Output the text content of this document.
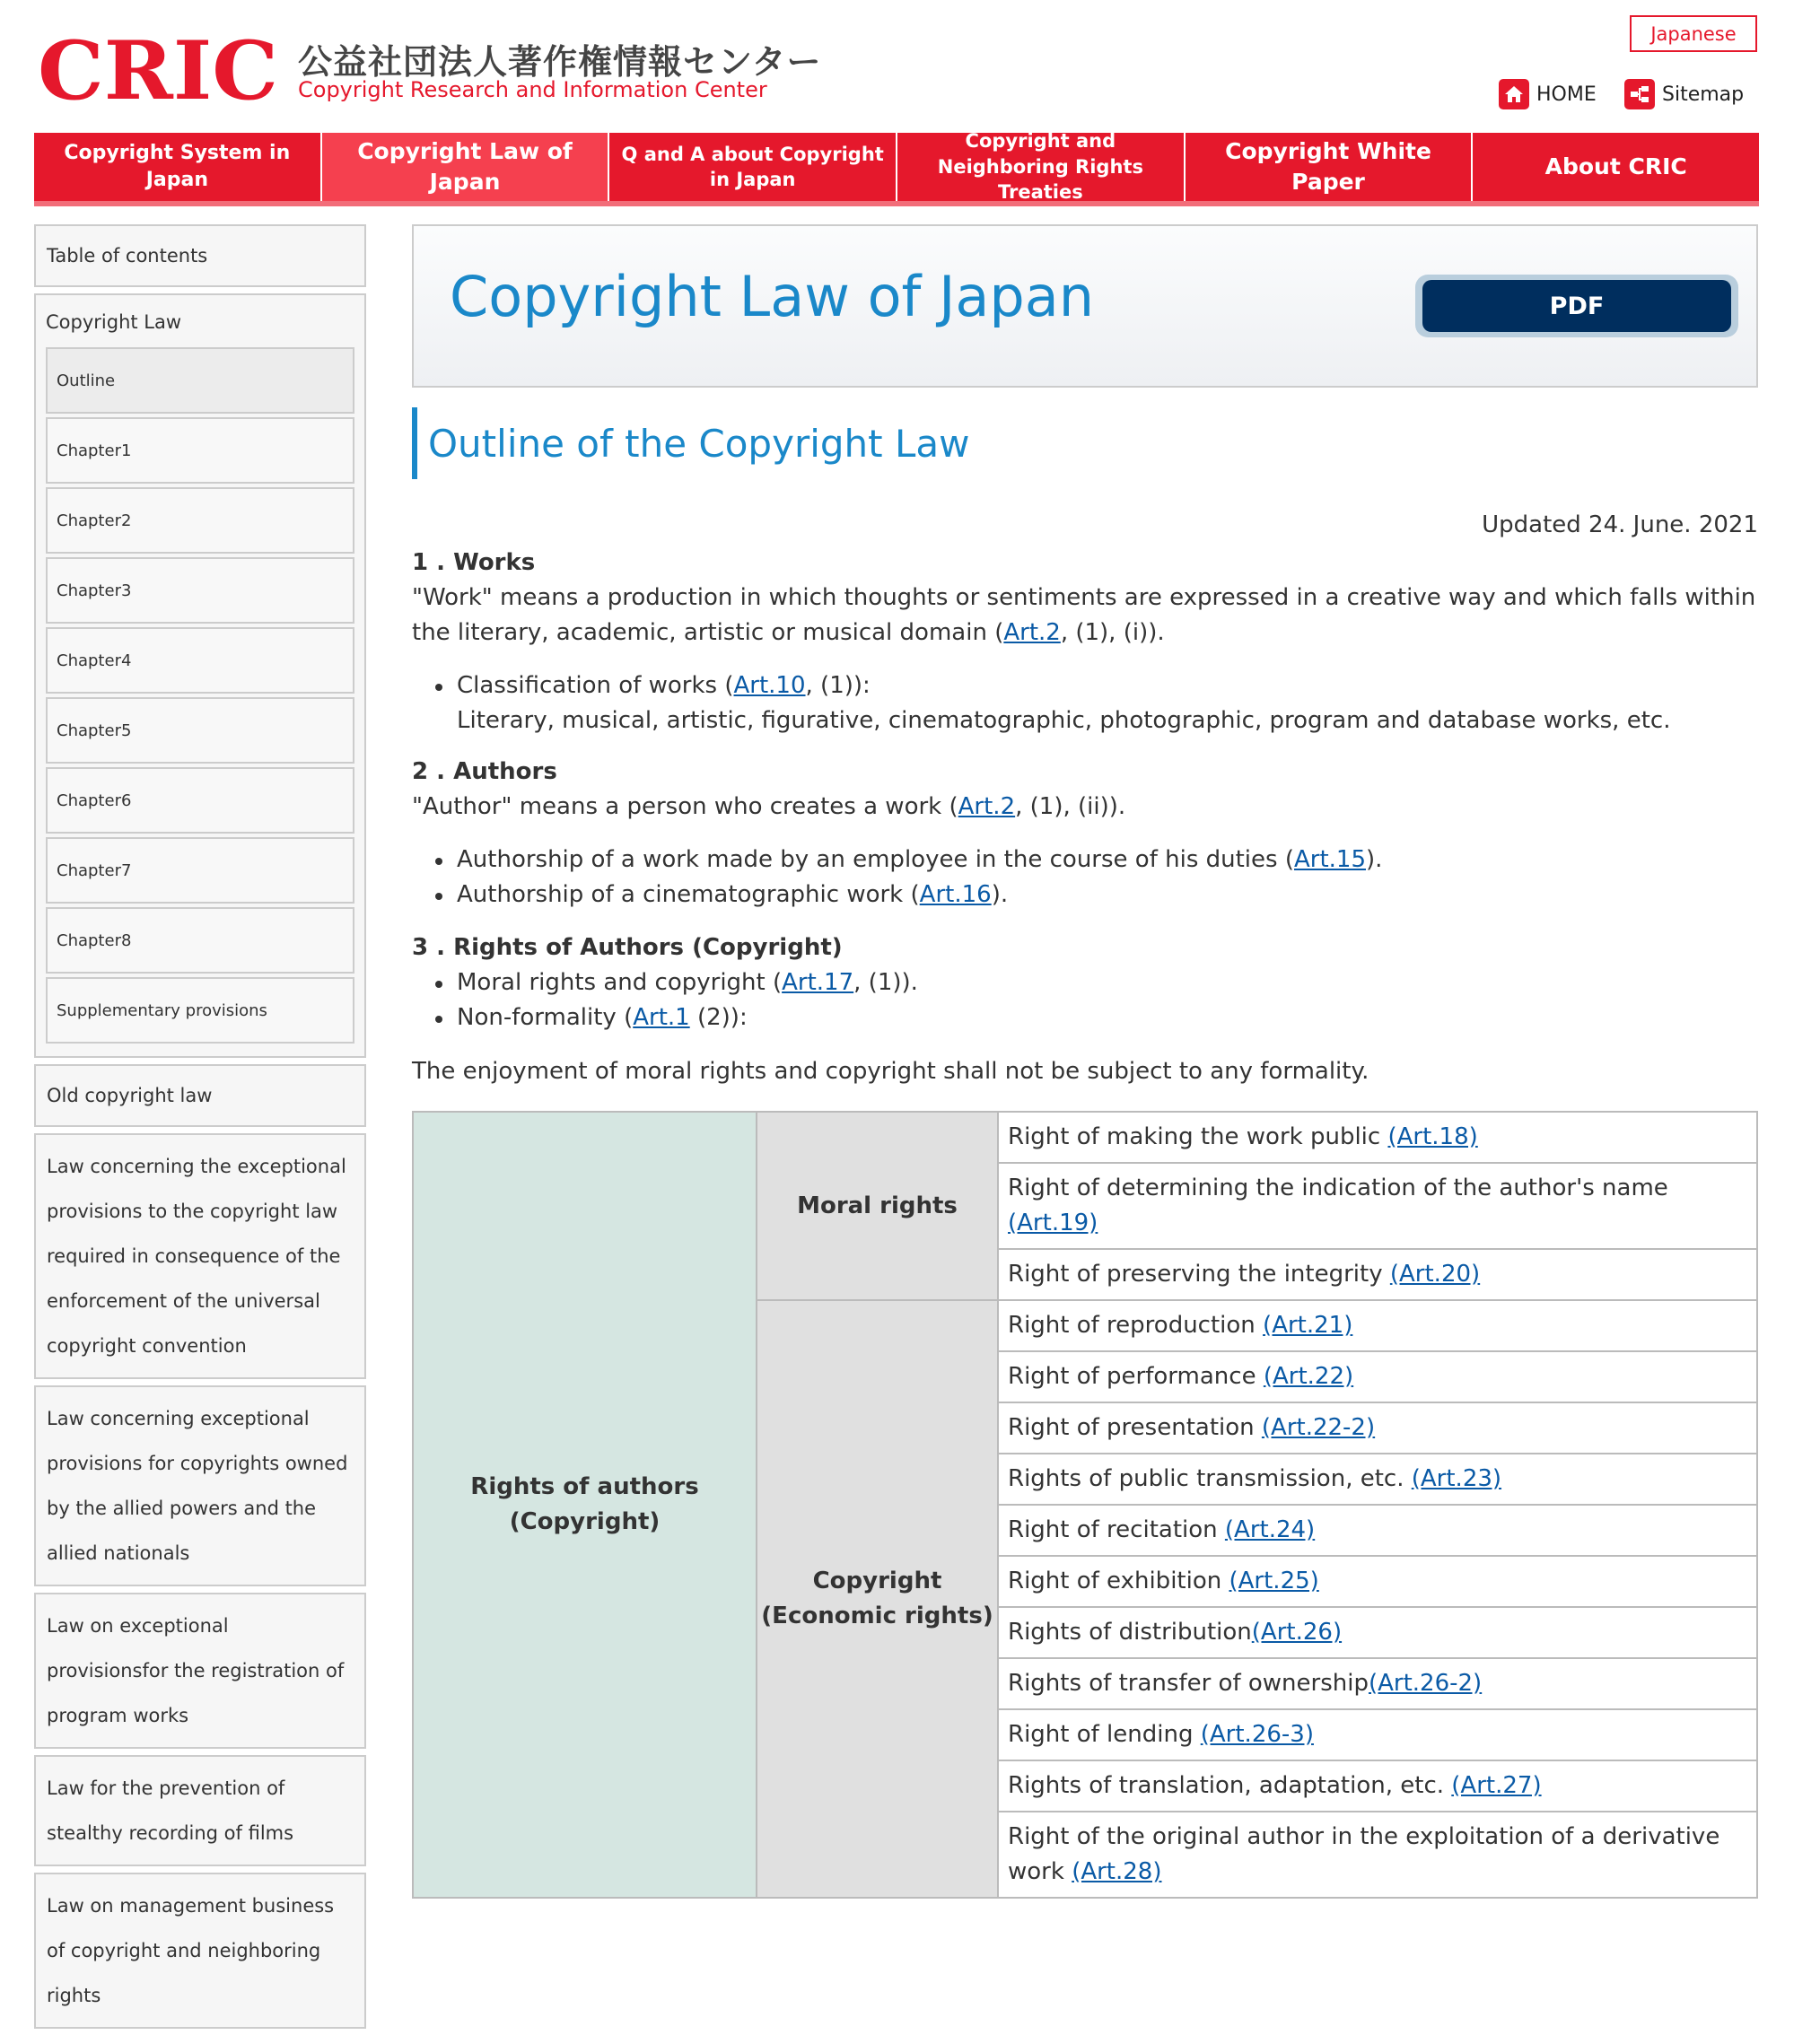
CRIC 公益社団法人著作権情報センター
Copyright Research and Information Center
Japanese
HOME	Sitemap
Copyright System in Japan
Copyright Law of Japan
Q and A about Copyright in Japan
Copyright and Neighboring Rights Treaties
Copyright White Paper
About CRIC
Table of contents
Copyright Law
Outline
Chapter1
Chapter2
Chapter3
Chapter4
Chapter5
Chapter6
Chapter7
Chapter8
Supplementary provisions
Old copyright law
Law concerning the exceptional provisions to the copyright law required in consequence of the enforcement of the universal copyright convention
Law concerning exceptional provisions for copyrights owned by the allied powers and the allied nationals
Law on exceptional provisionsfor the registration of program works
Law for the prevention of stealthy recording of films
Law on management business of copyright and neighboring rights
Copyright Law of Japan	PDF
Outline of the Copyright Law
Updated 24. June. 2021
1 . Works
"Work" means a production in which thoughts or sentiments are expressed in a creative way and which falls within the literary, academic, artistic or musical domain (Art.2, (1), (i)).
Classification of works (Art.10, (1)):
Literary, musical, artistic, figurative, cinematographic, photographic, program and database works, etc.
2 . Authors
"Author" means a person who creates a work (Art.2, (1), (ii)).
Authorship of a work made by an employee in the course of his duties (Art.15).
Authorship of a cinematographic work (Art.16).
3 . Rights of Authors (Copyright)
Moral rights and copyright (Art.17, (1)).
Non-formality (Art.1 (2)):
The enjoyment of moral rights and copyright shall not be subject to any formality.
Rights of authors
(Copyright)	Moral rights	Right of making the work public (Art.18)
		Right of determining the indication of the author's name (Art.19)
		Right of preserving the integrity (Art.20)
	Copyright
(Economic rights)	Right of reproduction (Art.21)
		Right of performance (Art.22)
		Right of presentation (Art.22-2)
		Rights of public transmission, etc. (Art.23)
		Right of recitation (Art.24)
		Right of exhibition (Art.25)
		Rights of distribution(Art.26)
		Rights of transfer of ownership(Art.26-2)
		Right of lending (Art.26-3)
		Rights of translation, adaptation, etc. (Art.27)
		Right of the original author in the exploitation of a derivative work (Art.28)
